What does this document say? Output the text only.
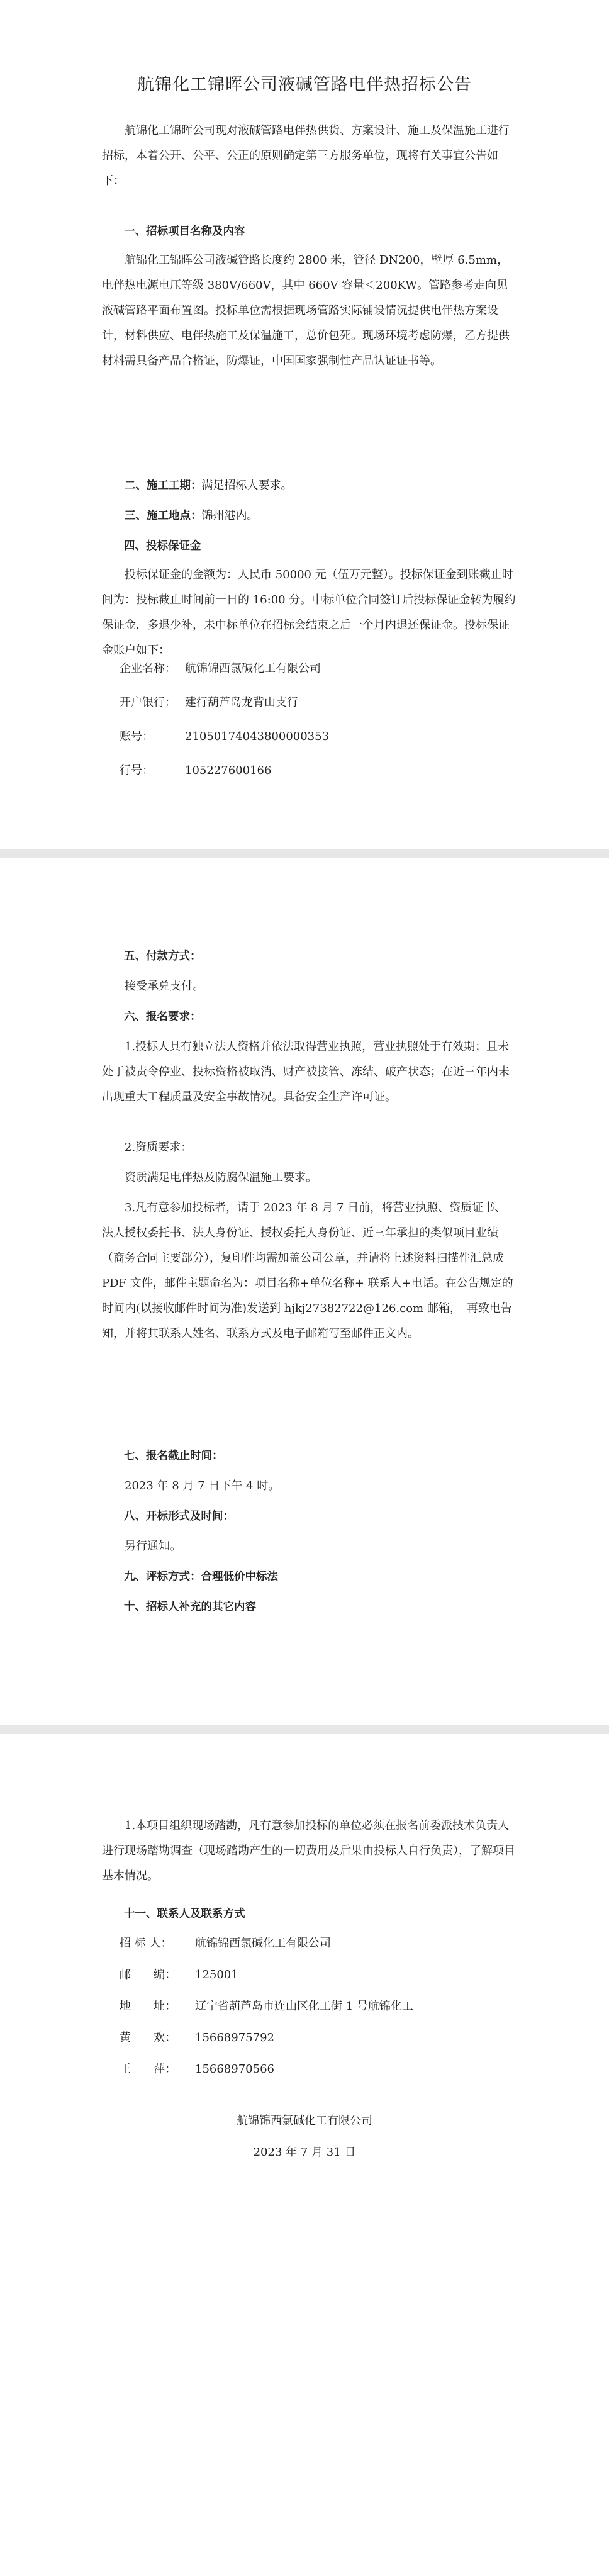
航锦化工锦晖公司液碱管路电伴热招标公告

航锦化工锦晖公司现对液碱管路电伴热供货、方案设计、施工及保温施工进行招标，本着公开、公平、公正的原则确定第三方服务单位，现将有关事宜公告如下：

一、招标项目名称及内容

航锦化工锦晖公司液碱管路长度约 2800 米，管径 DN200，壁厚 6.5mm，电伴热电源电压等级 380V/660V，其中 660V 容量＜200KW。管路参考走向见液碱管路平面布置图。投标单位需根据现场管路实际铺设情况提供电伴热方案设计，材料供应、电伴热施工及保温施工，总价包死。现场环境考虑防爆，乙方提供材料需具备产品合格证，防爆证，中国国家强制性产品认证证书等。

二、施工工期：满足招标人要求。

三、施工地点：锦州港内。

四、投标保证金

投标保证金的金额为：人民币 50000 元（伍万元整）。投标保证金到账截止时间为：投标截止时间前一日的 16:00 分。中标单位合同签订后投标保证金转为履约保证金，多退少补，未中标单位在招标会结束之后一个月内退还保证金。投标保证金账户如下：

企业名称： 航锦锦西氯碱化工有限公司
开户银行： 建行葫芦岛龙背山支行
账号：	21050174043800000353
行号：	105227600166

五、付款方式：

接受承兑支付。

六、报名要求：

1.投标人具有独立法人资格并依法取得营业执照，营业执照处于有效期；且未处于被责令停业、投标资格被取消、财产被接管、冻结、破产状态；在近三年内未出现重大工程质量及安全事故情况。具备安全生产许可证。

2.资质要求：

资质满足电伴热及防腐保温施工要求。

3.凡有意参加投标者，请于 2023 年 8 月 7 日前，将营业执照、资质证书、法人授权委托书、法人身份证、授权委托人身份证、近三年承担的类似项目业绩（商务合同主要部分），复印件均需加盖公司公章，并请将上述资料扫描件汇总成 PDF 文件，邮件主题命名为：项目名称+单位名称+ 联系人+电话。在公告规定的时间内(以接收邮件时间为准)发送到 hjkj27382722@126.com 邮箱，　再致电告知，并将其联系人姓名、联系方式及电子邮箱写至邮件正文内。

七、报名截止时间：

2023 年 8 月 7 日下午 4 时。

八、开标形式及时间：

另行通知。

九、评标方式：合理低价中标法

十、招标人补充的其它内容

1.本项目组织现场踏勘，凡有意参加投标的单位必须在报名前委派技术负责人进行现场踏勘调查（现场踏勘产生的一切费用及后果由投标人自行负责），了解项目基本情况。

十一、联系人及联系方式

招 标 人： 航锦锦西氯碱化工有限公司
邮　　编： 125001
地　　址： 辽宁省葫芦岛市连山区化工街 1 号航锦化工
黄　　欢： 15668975792
王　　萍： 15668970566
航锦锦西氯碱化工有限公司
2023 年 7 月 31 日
